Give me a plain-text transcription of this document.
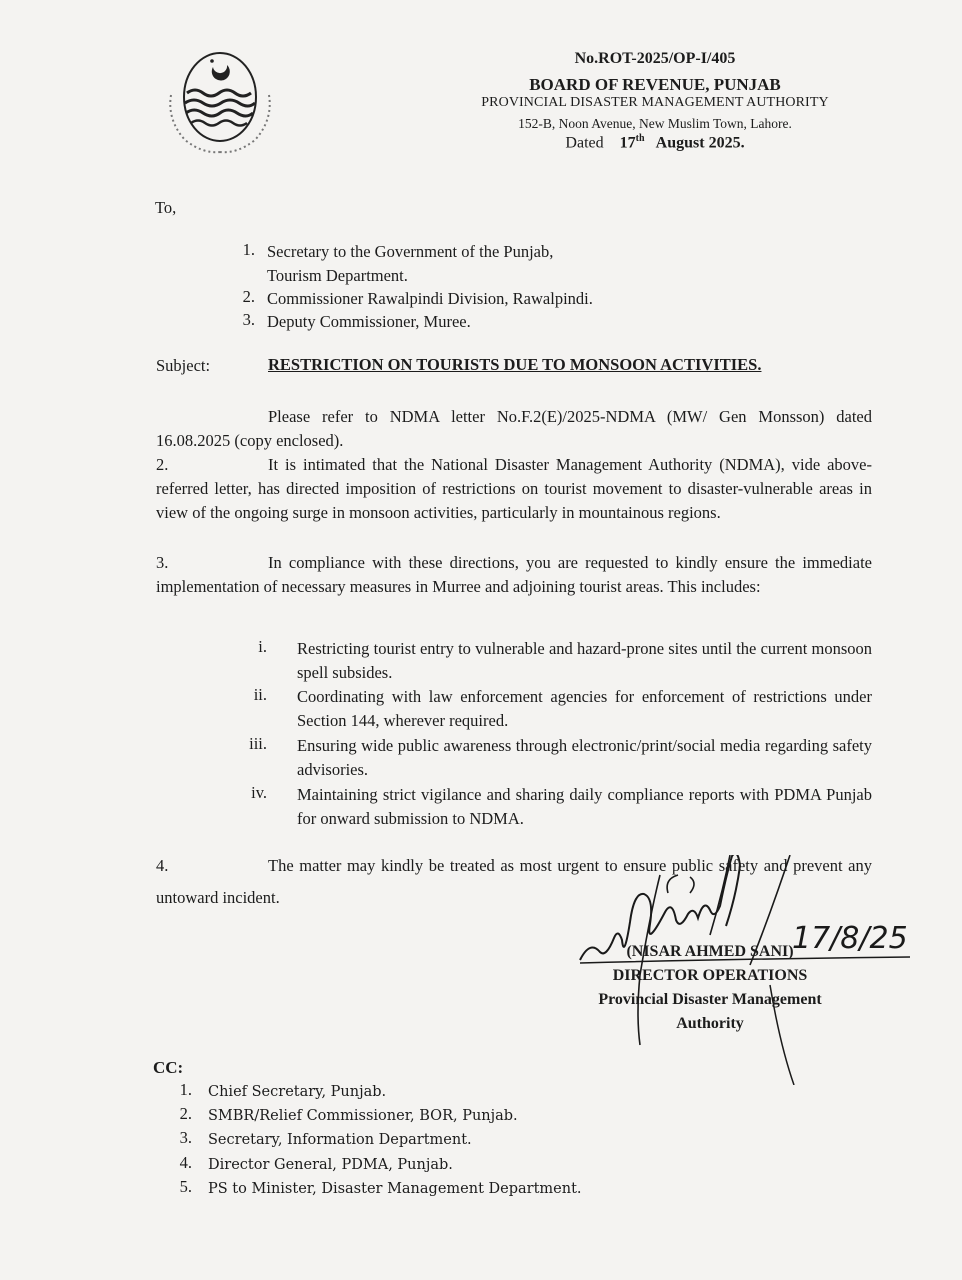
No.ROT-2025/OP-I/405
BOARD OF REVENUE, PUNJAB
PROVINCIAL DISASTER MANAGEMENT AUTHORITY
152-B, Noon Avenue, New Muslim Town, Lahore.
Dated 17th August 2025.
To,
1. Secretary to the Government of the Punjab,
Tourism Department.
2. Commissioner Rawalpindi Division, Rawalpindi.
3. Deputy Commissioner, Muree.
Subject:	RESTRICTION ON TOURISTS DUE TO MONSOON ACTIVITIES.
Please refer to NDMA letter No.F.2(E)/2025-NDMA (MW/ Gen Monsson) dated 16.08.2025 (copy enclosed).
2.	It is intimated that the National Disaster Management Authority (NDMA), vide above-referred letter, has directed imposition of restrictions on tourist movement to disaster-vulnerable areas in view of the ongoing surge in monsoon activities, particularly in mountainous regions.
3.	In compliance with these directions, you are requested to kindly ensure the immediate implementation of necessary measures in Murree and adjoining tourist areas. This includes:
i. Restricting tourist entry to vulnerable and hazard-prone sites until the current monsoon spell subsides.
ii. Coordinating with law enforcement agencies for enforcement of restrictions under Section 144, wherever required.
iii. Ensuring wide public awareness through electronic/print/social media regarding safety advisories.
iv. Maintaining strict vigilance and sharing daily compliance reports with PDMA Punjab for onward submission to NDMA.
4.	The matter may kindly be treated as most urgent to ensure public safety and prevent any untoward incident.
17/8/25
(NISAR AHMED SANI)
DIRECTOR OPERATIONS
Provincial Disaster Management
Authority
CC:
1. Chief Secretary, Punjab.
2. SMBR/Relief Commissioner, BOR, Punjab.
3. Secretary, Information Department.
4. Director General, PDMA, Punjab.
5. PS to Minister, Disaster Management Department.
